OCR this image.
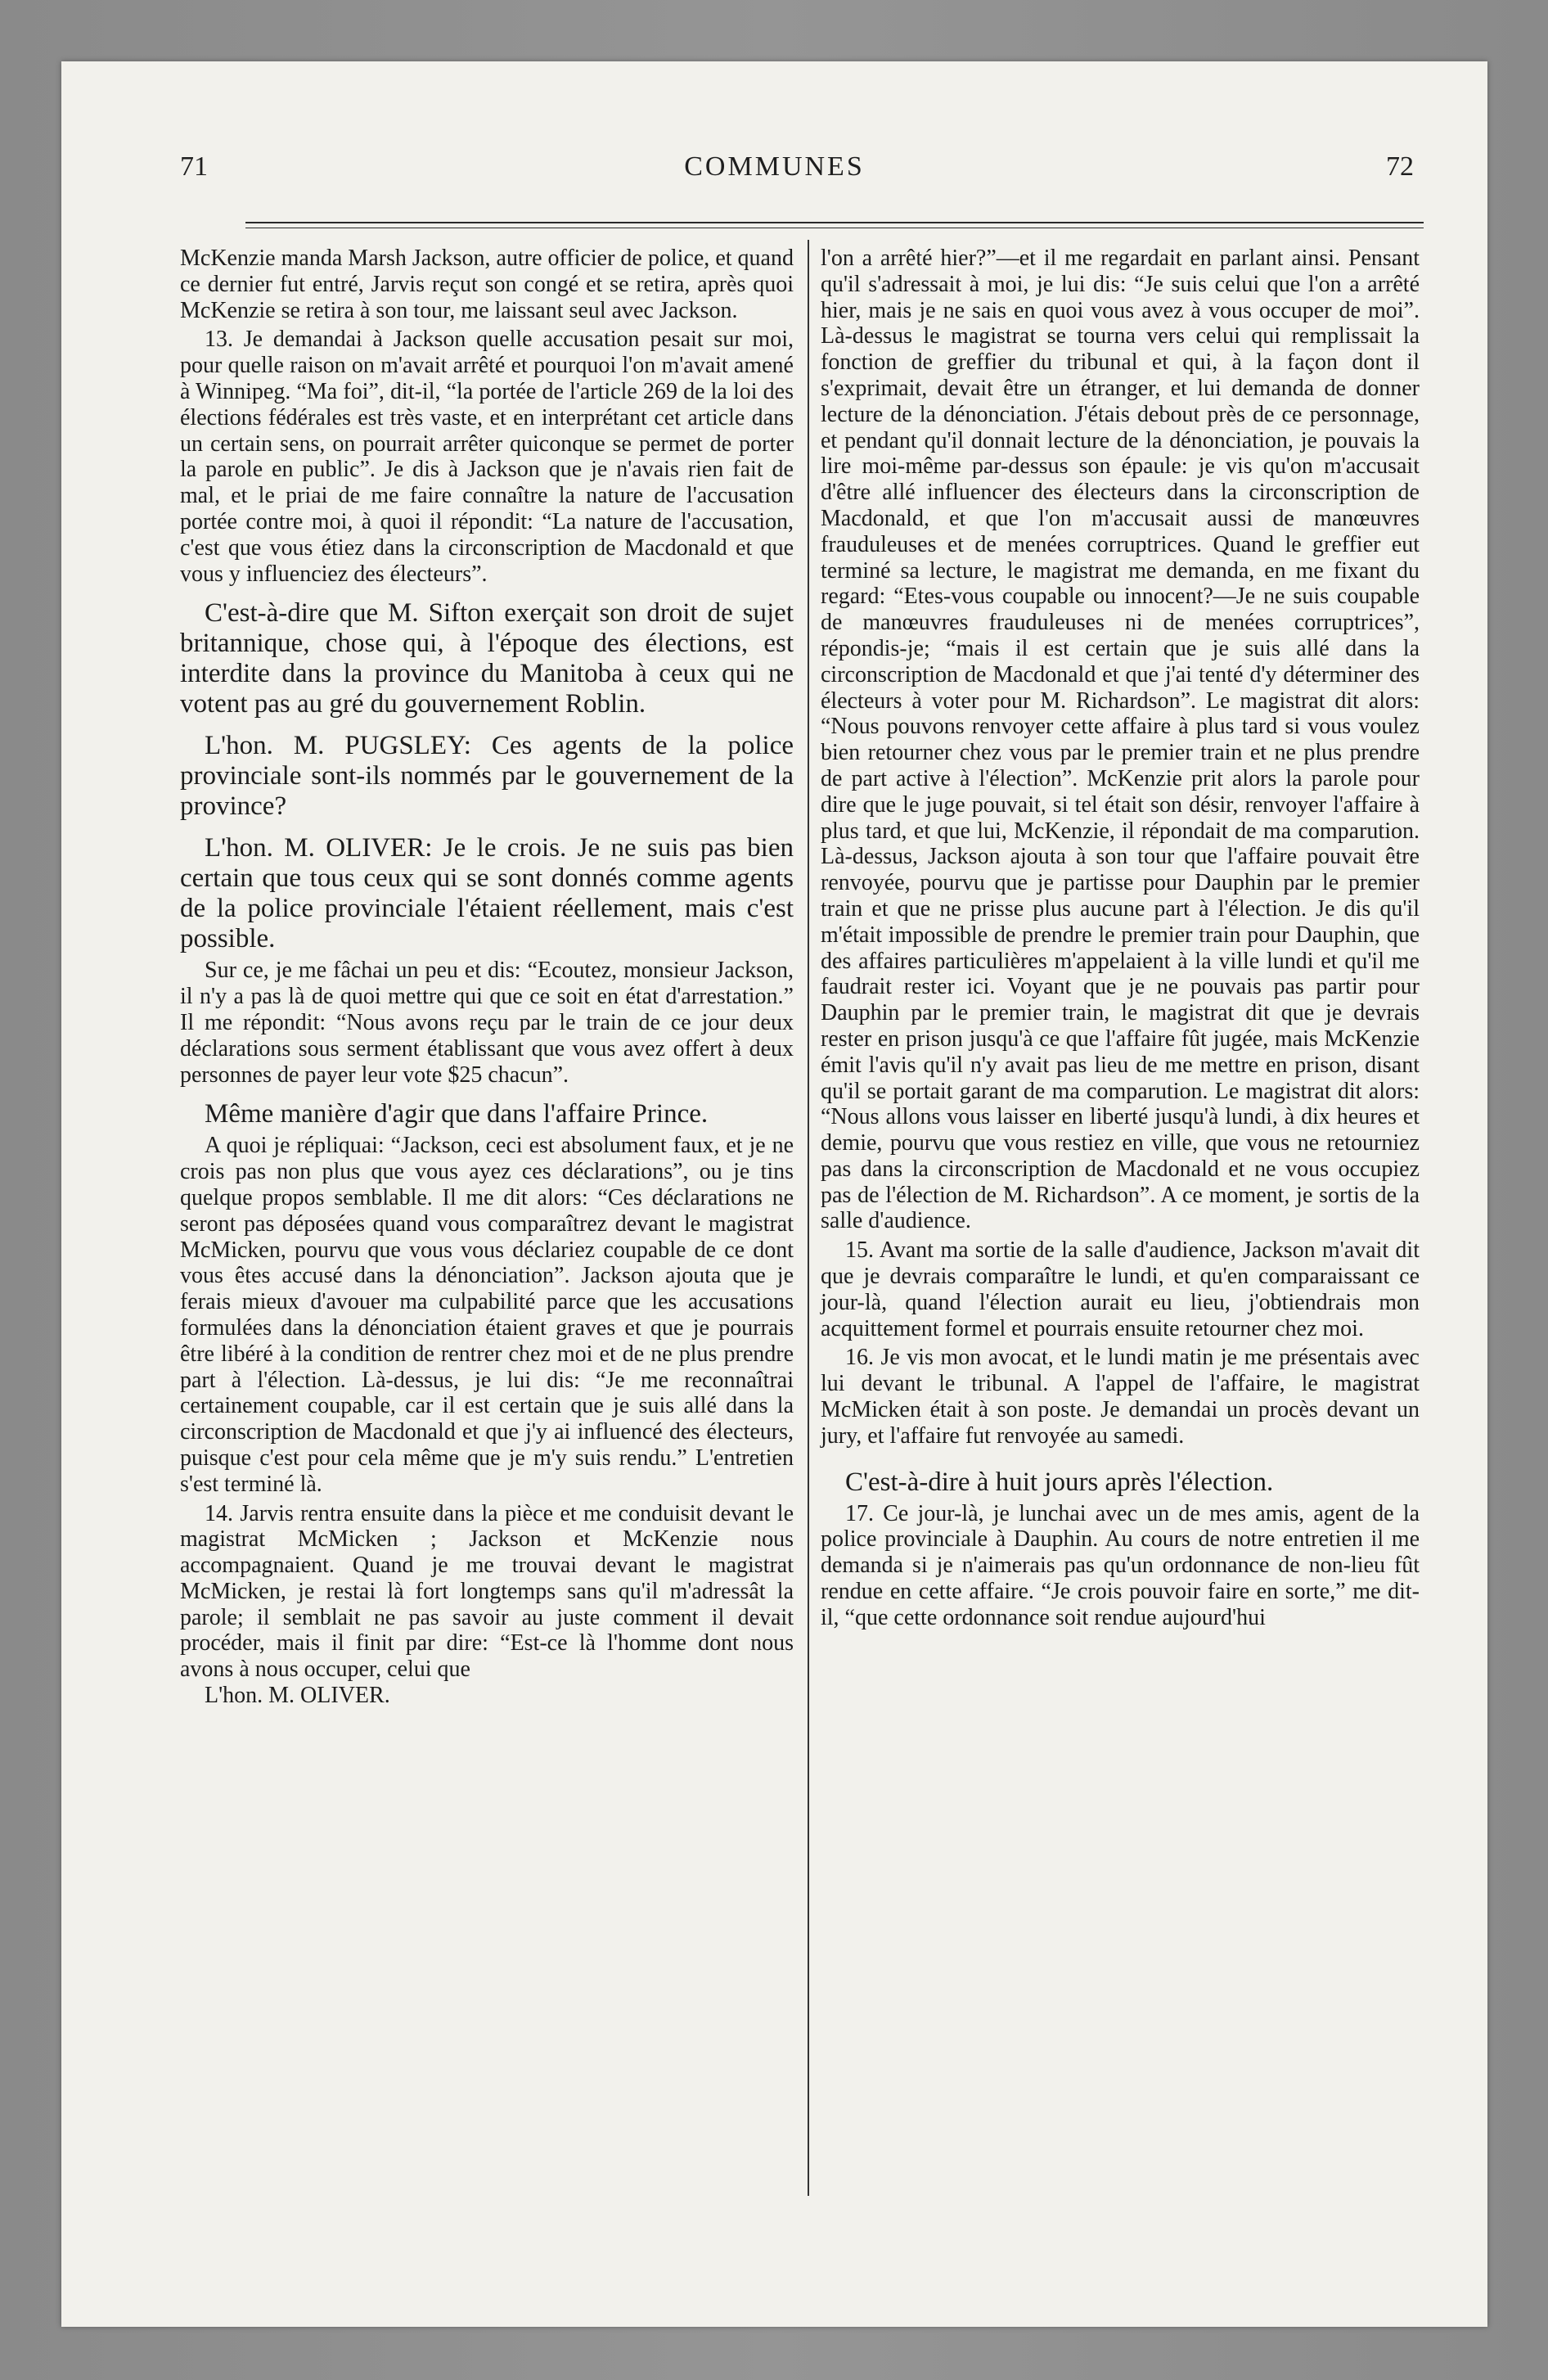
71	COMMUNES	72

McKenzie manda Marsh Jackson, autre officier de police, et quand ce dernier fut entré, Jarvis reçut son congé et se retira, après quoi McKenzie se retira à son tour, me laissant seul avec Jackson.

13. Je demandai à Jackson quelle accusation pesait sur moi, pour quelle raison on m'avait arrêté et pourquoi l'on m'avait amené à Winnipeg. “Ma foi”, dit-il, “la portée de l'article 269 de la loi des élections fédérales est très vaste, et en interprétant cet article dans un certain sens, on pourrait arrêter quiconque se permet de porter la parole en public”. Je dis à Jackson que je n'avais rien fait de mal, et le priai de me faire connaître la nature de l'accusation portée contre moi, à quoi il répondit: “La nature de l'accusation, c'est que vous étiez dans la circonscription de Macdonald et que vous y influenciez des électeurs”.

C'est-à-dire que M. Sifton exerçait son droit de sujet britannique, chose qui, à l'époque des élections, est interdite dans la province du Manitoba à ceux qui ne votent pas au gré du gouvernement Roblin.

L'hon. M. PUGSLEY: Ces agents de la police provinciale sont-ils nommés par le gouvernement de la province?

L'hon. M. OLIVER: Je le crois. Je ne suis pas bien certain que tous ceux qui se sont donnés comme agents de la police provinciale l'étaient réellement, mais c'est possible.

Sur ce, je me fâchai un peu et dis: “Ecoutez, monsieur Jackson, il n'y a pas là de quoi mettre qui que ce soit en état d'arrestation.” Il me répondit: “Nous avons reçu par le train de ce jour deux déclarations sous serment établissant que vous avez offert à deux personnes de payer leur vote $25 chacun”.

Même manière d'agir que dans l'affaire Prince.

A quoi je répliquai: “Jackson, ceci est absolument faux, et je ne crois pas non plus que vous ayez ces déclarations”, ou je tins quelque propos semblable. Il me dit alors: “Ces déclarations ne seront pas déposées quand vous comparaîtrez devant le magistrat McMicken, pourvu que vous vous déclariez coupable de ce dont vous êtes accusé dans la dénonciation”. Jackson ajouta que je ferais mieux d'avouer ma culpabilité parce que les accusations formulées dans la dénonciation étaient graves et que je pourrais être libéré à la condition de rentrer chez moi et de ne plus prendre part à l'élection. Là-dessus, je lui dis: “Je me reconnaîtrai certainement coupable, car il est certain que je suis allé dans la circonscription de Macdonald et que j'y ai influencé des électeurs, puisque c'est pour cela même que je m'y suis rendu.” L'entretien s'est terminé là.

14. Jarvis rentra ensuite dans la pièce et me conduisit devant le magistrat McMicken ; Jackson et McKenzie nous accompagnaient. Quand je me trouvai devant le magistrat McMicken, je restai là fort longtemps sans qu'il m'adressât la parole; il semblait ne pas savoir au juste comment il devait procéder, mais il finit par dire: “Est-ce là l'homme dont nous avons à nous occuper, celui que

L'hon. M. OLIVER.

l'on a arrêté hier?”—et il me regardait en parlant ainsi. Pensant qu'il s'adressait à moi, je lui dis: “Je suis celui que l'on a arrêté hier, mais je ne sais en quoi vous avez à vous occuper de moi”. Là-dessus le magistrat se tourna vers celui qui remplissait la fonction de greffier du tribunal et qui, à la façon dont il s'exprimait, devait être un étranger, et lui demanda de donner lecture de la dénonciation. J'étais debout près de ce personnage, et pendant qu'il donnait lecture de la dénonciation, je pouvais la lire moi-même par-dessus son épaule: je vis qu'on m'accusait d'être allé influencer des électeurs dans la circonscription de Macdonald, et que l'on m'accusait aussi de manœuvres frauduleuses et de menées corruptrices. Quand le greffier eut terminé sa lecture, le magistrat me demanda, en me fixant du regard: “Etes-vous coupable ou innocent?—Je ne suis coupable de manœuvres frauduleuses ni de menées corruptrices”, répondis-je; “mais il est certain que je suis allé dans la circonscription de Macdonald et que j'ai tenté d'y déterminer des électeurs à voter pour M. Richardson”. Le magistrat dit alors: “Nous pouvons renvoyer cette affaire à plus tard si vous voulez bien retourner chez vous par le premier train et ne plus prendre de part active à l'élection”. McKenzie prit alors la parole pour dire que le juge pouvait, si tel était son désir, renvoyer l'affaire à plus tard, et que lui, McKenzie, il répondait de ma comparution. Là-dessus, Jackson ajouta à son tour que l'affaire pouvait être renvoyée, pourvu que je partisse pour Dauphin par le premier train et que ne prisse plus aucune part à l'élection. Je dis qu'il m'était impossible de prendre le premier train pour Dauphin, que des affaires particulières m'appelaient à la ville lundi et qu'il me faudrait rester ici. Voyant que je ne pouvais pas partir pour Dauphin par le premier train, le magistrat dit que je devrais rester en prison jusqu'à ce que l'affaire fût jugée, mais McKenzie émit l'avis qu'il n'y avait pas lieu de me mettre en prison, disant qu'il se portait garant de ma comparution. Le magistrat dit alors: “Nous allons vous laisser en liberté jusqu'à lundi, à dix heures et demie, pourvu que vous restiez en ville, que vous ne retourniez pas dans la circonscription de Macdonald et ne vous occupiez pas de l'élection de M. Richardson”. A ce moment, je sortis de la salle d'audience.

15. Avant ma sortie de la salle d'audience, Jackson m'avait dit que je devrais comparaître le lundi, et qu'en comparaissant ce jour-là, quand l'élection aurait eu lieu, j'obtiendrais mon acquittement formel et pourrais ensuite retourner chez moi.

16. Je vis mon avocat, et le lundi matin je me présentais avec lui devant le tribunal. A l'appel de l'affaire, le magistrat McMicken était à son poste. Je demandai un procès devant un jury, et l'affaire fut renvoyée au samedi.

C'est-à-dire à huit jours après l'élection.

17. Ce jour-là, je lunchai avec un de mes amis, agent de la police provinciale à Dauphin. Au cours de notre entretien il me demanda si je n'aimerais pas qu'un ordonnance de non-lieu fût rendue en cette affaire. “Je crois pouvoir faire en sorte,” me dit-il, “que cette ordonnance soit rendue aujourd'hui
